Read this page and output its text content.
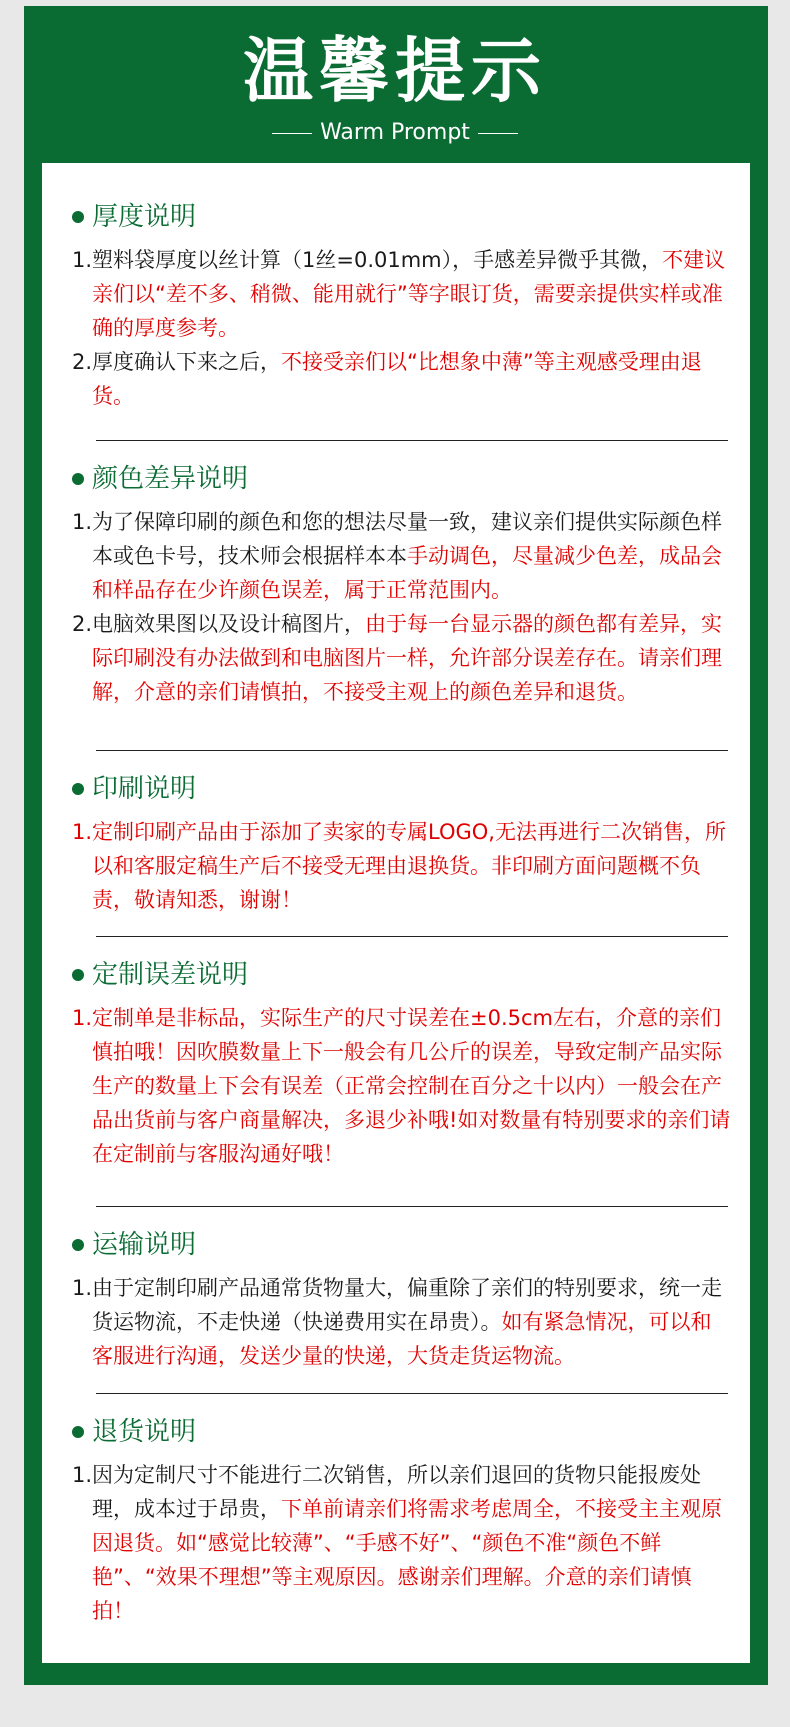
温馨提示
Warm Prompt
厚度说明
1. 塑料袋厚度以丝计算（1丝=0.01mm），手感差异微乎其微，不建议亲们以“差不多、稍微、能用就行”等字眼订货，需要亲提供实样或准确的厚度参考。
2. 厚度确认下来之后，不接受亲们以“比想象中薄”等主观感受理由退货。
颜色差异说明
1. 为了保障印刷的颜色和您的想法尽量一致，建议亲们提供实际颜色样本或色卡号，技术师会根据样本本手动调色，尽量减少色差，成品会和样品存在少许颜色误差，属于正常范围内。
2. 电脑效果图以及设计稿图片，由于每一台显示器的颜色都有差异，实际印刷没有办法做到和电脑图片一样，允许部分误差存在。请亲们理解，介意的亲们请慎拍，不接受主观上的颜色差异和退货。
印刷说明
1. 定制印刷产品由于添加了卖家的专属LOGO,无法再进行二次销售，所以和客服定稿生产后不接受无理由退换货。非印刷方面问题概不负责，敬请知悉，谢谢！
定制误差说明
1. 定制单是非标品，实际生产的尺寸误差在±0.5cm左右，介意的亲们慎拍哦！因吹膜数量上下一般会有几公斤的误差，导致定制产品实际生产的数量上下会有误差（正常会控制在百分之十以内）一般会在产品出货前与客户商量解决，多退少补哦!如对数量有特别要求的亲们请在定制前与客服沟通好哦！
运输说明
1. 由于定制印刷产品通常货物量大，偏重除了亲们的特别要求，统一走货运物流，不走快递（快递费用实在昂贵）。如有紧急情况，可以和客服进行沟通，发送少量的快递，大货走货运物流。
退货说明
1. 因为定制尺寸不能进行二次销售，所以亲们退回的货物只能报废处理，成本过于昂贵，下单前请亲们将需求考虑周全，不接受主主观原因退货。如“感觉比较薄”、“手感不好”、“颜色不准“颜色不鲜艳”、“效果不理想”等主观原因。感谢亲们理解。介意的亲们请慎拍！
